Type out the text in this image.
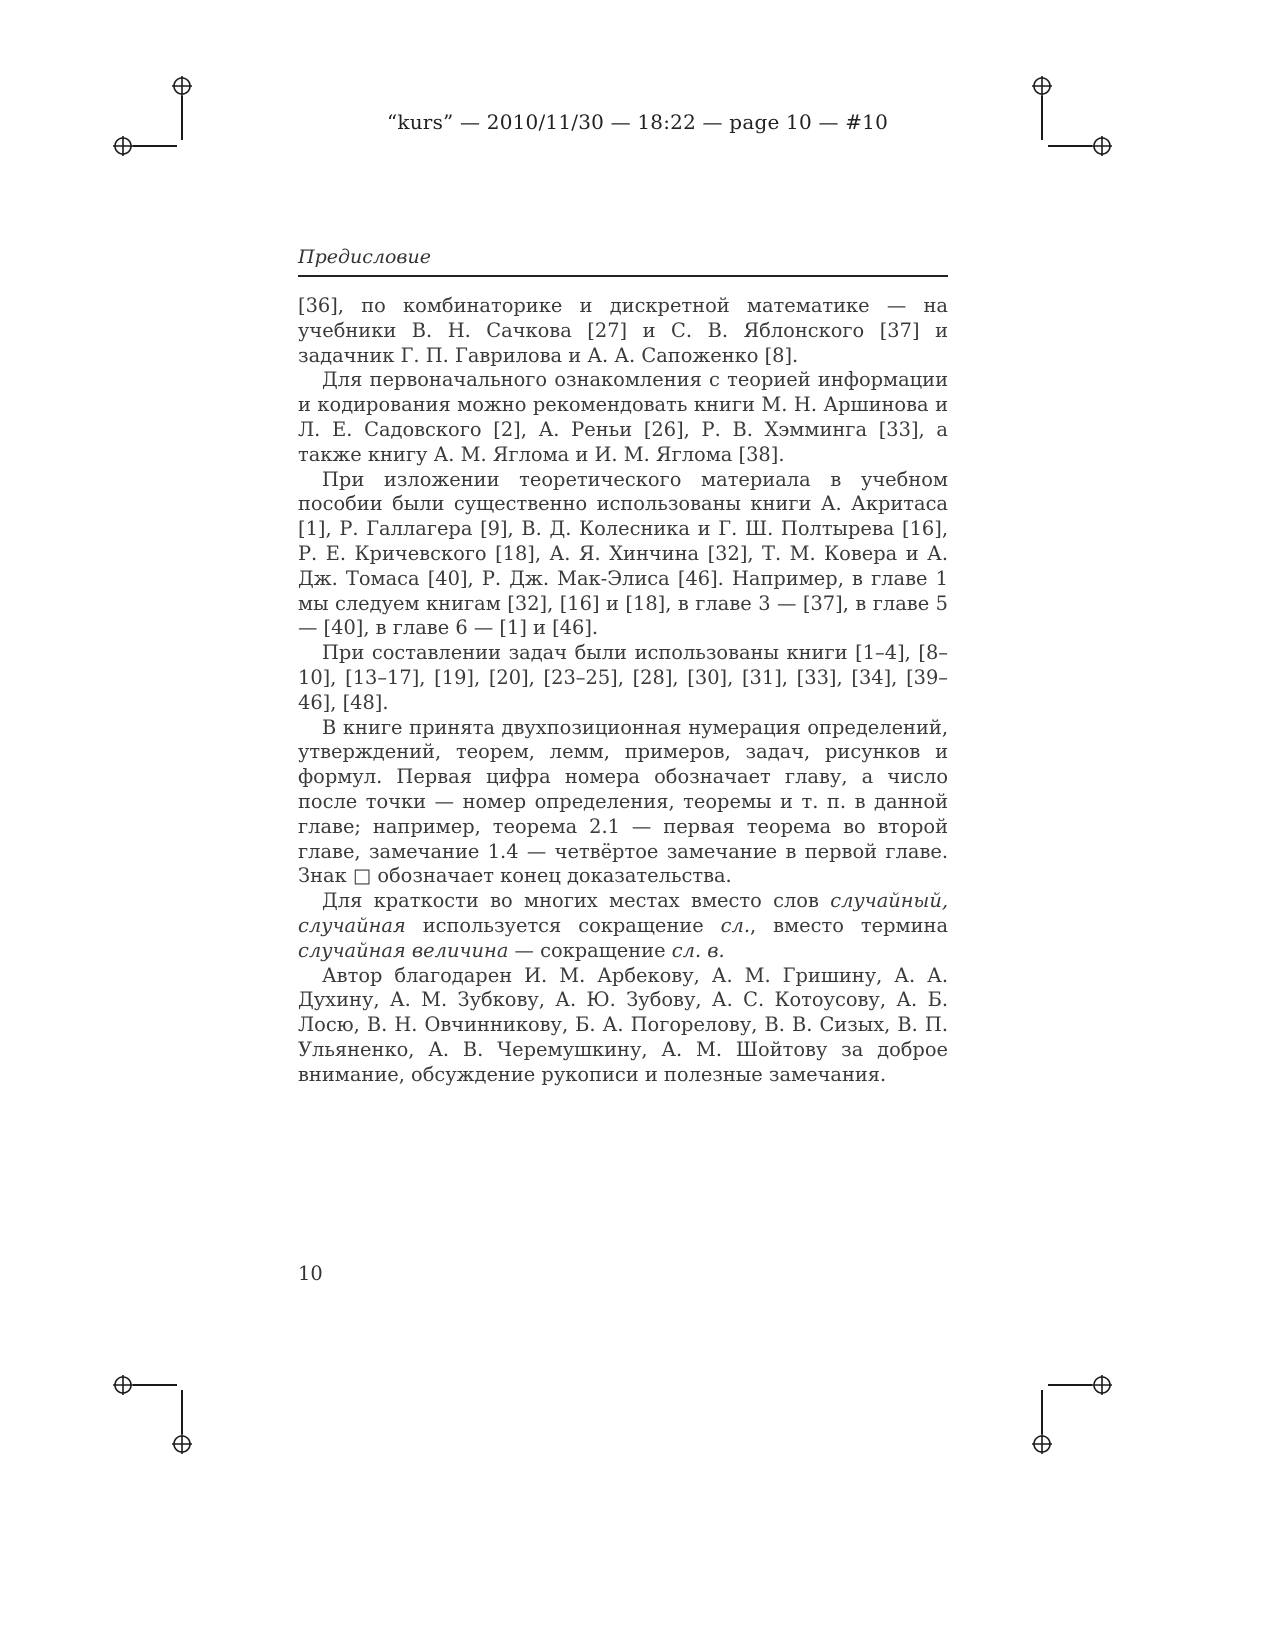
“kurs” — 2010/11/30 — 18:22 — page 10 — #10
Предисловие

[36], по комбинаторике и дискретной математике — на учебники В. Н. Сачкова [27] и С. В. Яблонского [37] и задачник Г. П. Гаврилова и А. А. Сапоженко [8].

Для первоначального ознакомления с теорией информации и кодирования можно рекомендовать книги М. Н. Аршинова и Л. Е. Садовского [2], А. Реньи [26], Р. В. Хэмминга [33], а также книгу А. М. Яглома и И. М. Яглома [38].

При изложении теоретического материала в учебном пособии были существенно использованы книги А. Акритаса [1], Р. Галлагера [9], В. Д. Колесника и Г. Ш. Полтырева [16], Р. Е. Кричевского [18], А. Я. Хинчина [32], Т. М. Ковера и А. Дж. Томаса [40], Р. Дж. Мак-Элиса [46]. Например, в главе 1 мы следуем книгам [32], [16] и [18], в главе 3 — [37], в главе 5 — [40], в главе 6 — [1] и [46].

При составлении задач были использованы книги [1–4], [8–10], [13–17], [19], [20], [23–25], [28], [30], [31], [33], [34], [39–46], [48].

В книге принята двухпозиционная нумерация определений, утверждений, теорем, лемм, примеров, задач, рисунков и формул. Первая цифра номера обозначает главу, а число после точки — номер определения, теоремы и т. п. в данной главе; например, теорема 2.1 — первая теорема во второй главе, замечание 1.4 — четвёртое замечание в первой главе. Знак □ обозначает конец доказательства.

Для краткости во многих местах вместо слов случайный, случайная используется сокращение сл., вместо термина случайная величина — сокращение сл. в.

Автор благодарен И. М. Арбекову, А. М. Гришину, А. А. Духину, А. М. Зубкову, А. Ю. Зубову, А. С. Котоусову, А. Б. Лосю, В. Н. Овчинникову, Б. А. Погорелову, В. В. Сизых, В. П. Ульяненко, А. В. Черемушкину, А. М. Шойтову за доброе внимание, обсуждение рукописи и полезные замечания.

10
